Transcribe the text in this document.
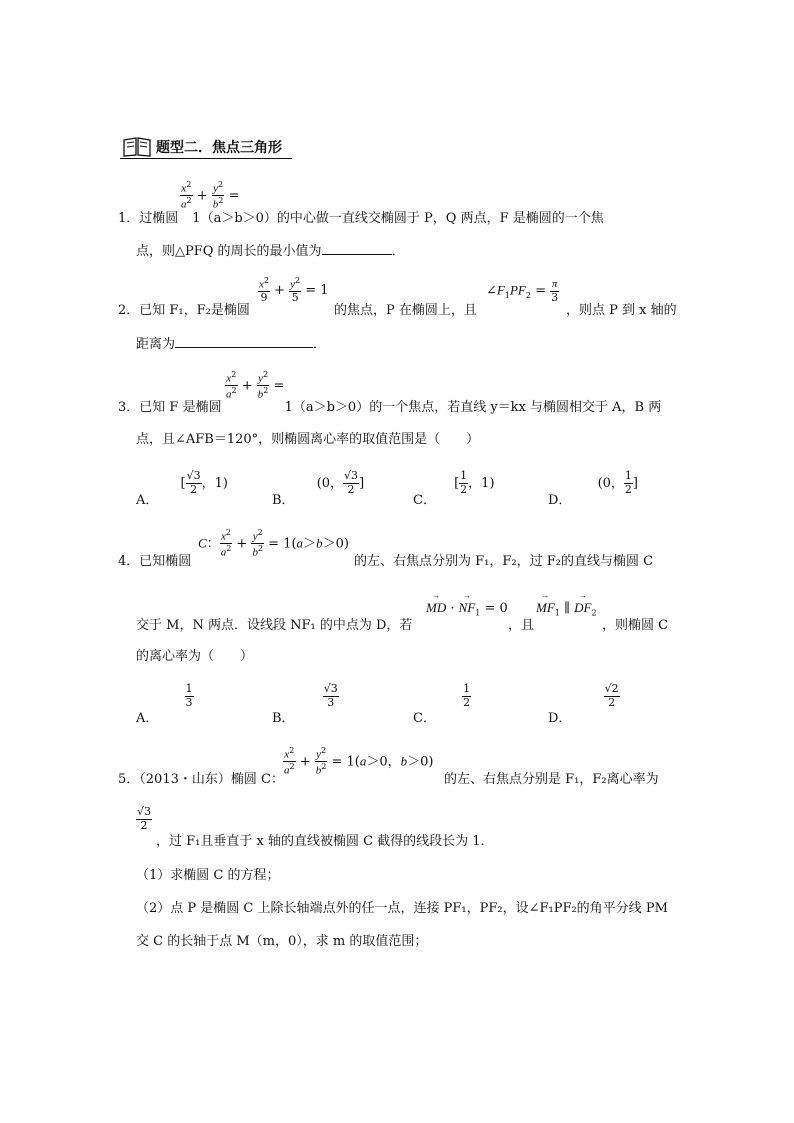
题型二．焦点三角形
$\frac{x^2}{a^2} + \frac{y^2}{b^2}$ =
1．过椭圆 1（a＞b＞0）的中心做一直线交椭圆于 P，Q 两点，F 是椭圆的一个焦
点，则△PFQ 的周长的最小值为	．
2．已知 F₁，F₂是椭圆
$\frac{x^2}{9} + \frac{y^2}{5} = 1$
的焦点，P 在椭圆上，且
$\angle F_1PF_2 = \frac{\pi}{3}$
，则点 P 到 x 轴的
距离为	．
$\frac{x^2}{a^2} + \frac{y^2}{b^2}$ =
3．已知 F 是椭圆	1（a＞b＞0）的一个焦点，若直线 y＝kx 与椭圆相交于 A，B 两
点，且∠AFB＝120°，则椭圆离心率的取值范围是（　　）
A． [ $\frac{√3}{2}$ ，1)
B． (0， $\frac{√3}{2}$ ]
C． [ $\frac{1}{2}$ ，1)
D． (0， $\frac{1}{2}$ ]
4．已知椭圆
C： $\frac{x^2}{a^2} + \frac{y^2}{b^2} = 1(a>b>0)$
的左、右焦点分别为 F₁，F₂，过 F₂的直线与椭圆 C
交于 M，N 两点．设线段 NF₁ 的中点为 D，若
→ MD · → $NF_1 = 0$
，且
→ $MF_1$ ∥ → $DF_2$
，则椭圆 C
的离心率为（　　）
A．
$\frac{1}{3}$
B．
$\frac{√3}{3}$
C．
$\frac{1}{2}$
D．
$\frac{√2}{2}$
5．（2013・山东）椭圆 C：
$\frac{x^2}{a^2} + \frac{y^2}{b^2} = 1(a>0$，b＞0)
的左、右焦点分别是 F₁，F₂离心率为
$\frac{√3}{2}$
，过 F₁且垂直于 x 轴的直线被椭圆 C 截得的线段长为 1．
（1）求椭圆 C 的方程；
（2）点 P 是椭圆 C 上除长轴端点外的任一点，连接 PF₁，PF₂，设∠F₁PF₂的角平分线 PM
交 C 的长轴于点 M（m，0），求 m 的取值范围；
